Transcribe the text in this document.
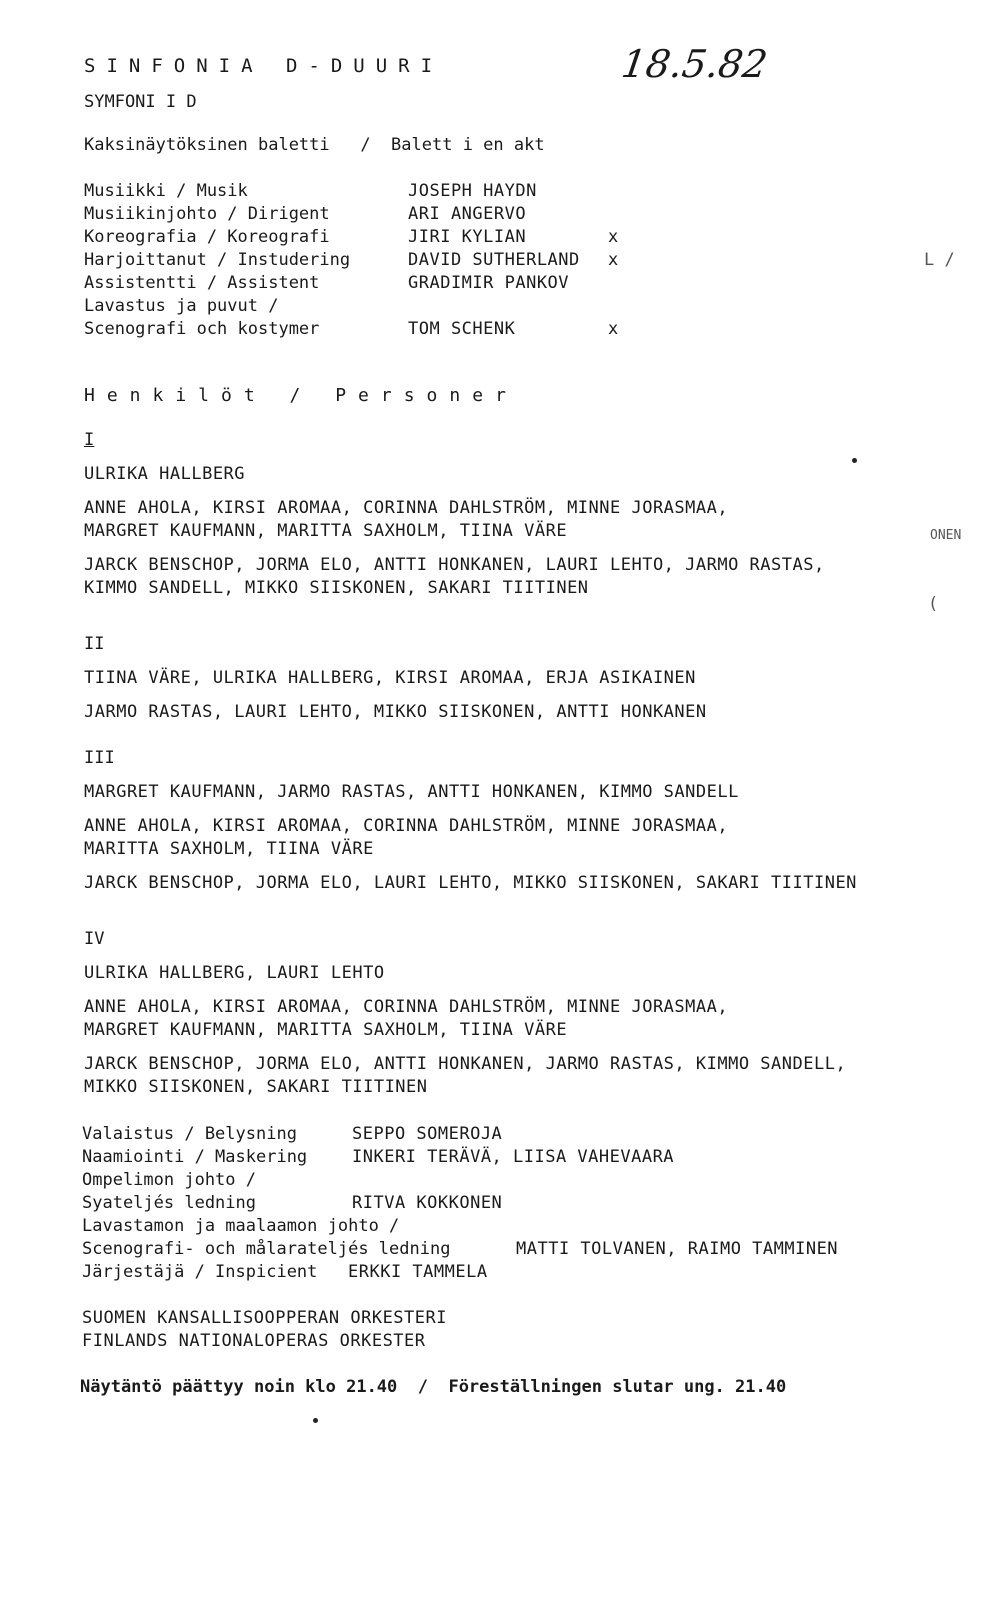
SINFONIA D-DUURI
SYMFONI I D
18.5.82
Kaksinäytöksinen baletti   /  Balett i en akt
Musiikki / Musik	JOSEPH HAYDN
Musiikinjohto / Dirigent	ARI ANGERVO
Koreografia / Koreografi	JIRI KYLIAN	x
Harjoittanut / Instudering	DAVID SUTHERLAND x
Assistentti / Assistent	GRADIMIR PANKOV
Lavastus ja puvut /
Scenografi och kostymer	TOM SCHENK	x
L /
ONEN
(
Henkilöt / Personer
I
ULRIKA HALLBERG
ANNE AHOLA, KIRSI AROMAA, CORINNA DAHLSTRÖM, MINNE JORASMAA,
MARGRET KAUFMANN, MARITTA SAXHOLM, TIINA VÄRE
JARCK BENSCHOP, JORMA ELO, ANTTI HONKANEN, LAURI LEHTO, JARMO RASTAS,
KIMMO SANDELL, MIKKO SIISKONEN, SAKARI TIITINEN
II
TIINA VÄRE, ULRIKA HALLBERG, KIRSI AROMAA, ERJA ASIKAINEN
JARMO RASTAS, LAURI LEHTO, MIKKO SIISKONEN, ANTTI HONKANEN
III
MARGRET KAUFMANN, JARMO RASTAS, ANTTI HONKANEN, KIMMO SANDELL
ANNE AHOLA, KIRSI AROMAA, CORINNA DAHLSTRÖM, MINNE JORASMAA,
MARITTA SAXHOLM, TIINA VÄRE
JARCK BENSCHOP, JORMA ELO, LAURI LEHTO, MIKKO SIISKONEN, SAKARI TIITINEN
IV
ULRIKA HALLBERG, LAURI LEHTO
ANNE AHOLA, KIRSI AROMAA, CORINNA DAHLSTRÖM, MINNE JORASMAA,
MARGRET KAUFMANN, MARITTA SAXHOLM, TIINA VÄRE
JARCK BENSCHOP, JORMA ELO, ANTTI HONKANEN, JARMO RASTAS, KIMMO SANDELL,
MIKKO SIISKONEN, SAKARI TIITINEN
Valaistus / Belysning	SEPPO SOMEROJA
Naamiointi / Maskering	INKERI TERÄVÄ, LIISA VAHEVAARA
Ompelimon johto /
Syateljés ledning	RITVA KOKKONEN
Lavastamon ja maalaamon johto /
Scenografi- och målarateljés ledning	MATTI TOLVANEN, RAIMO TAMMINEN
Järjestäjä / Inspicient ERKKI TAMMELA
SUOMEN KANSALLISOOPPERAN ORKESTERI
FINLANDS NATIONALOPERAS ORKESTER
Näytäntö päättyy noin klo 21.40  /  Föreställningen slutar ung. 21.40
